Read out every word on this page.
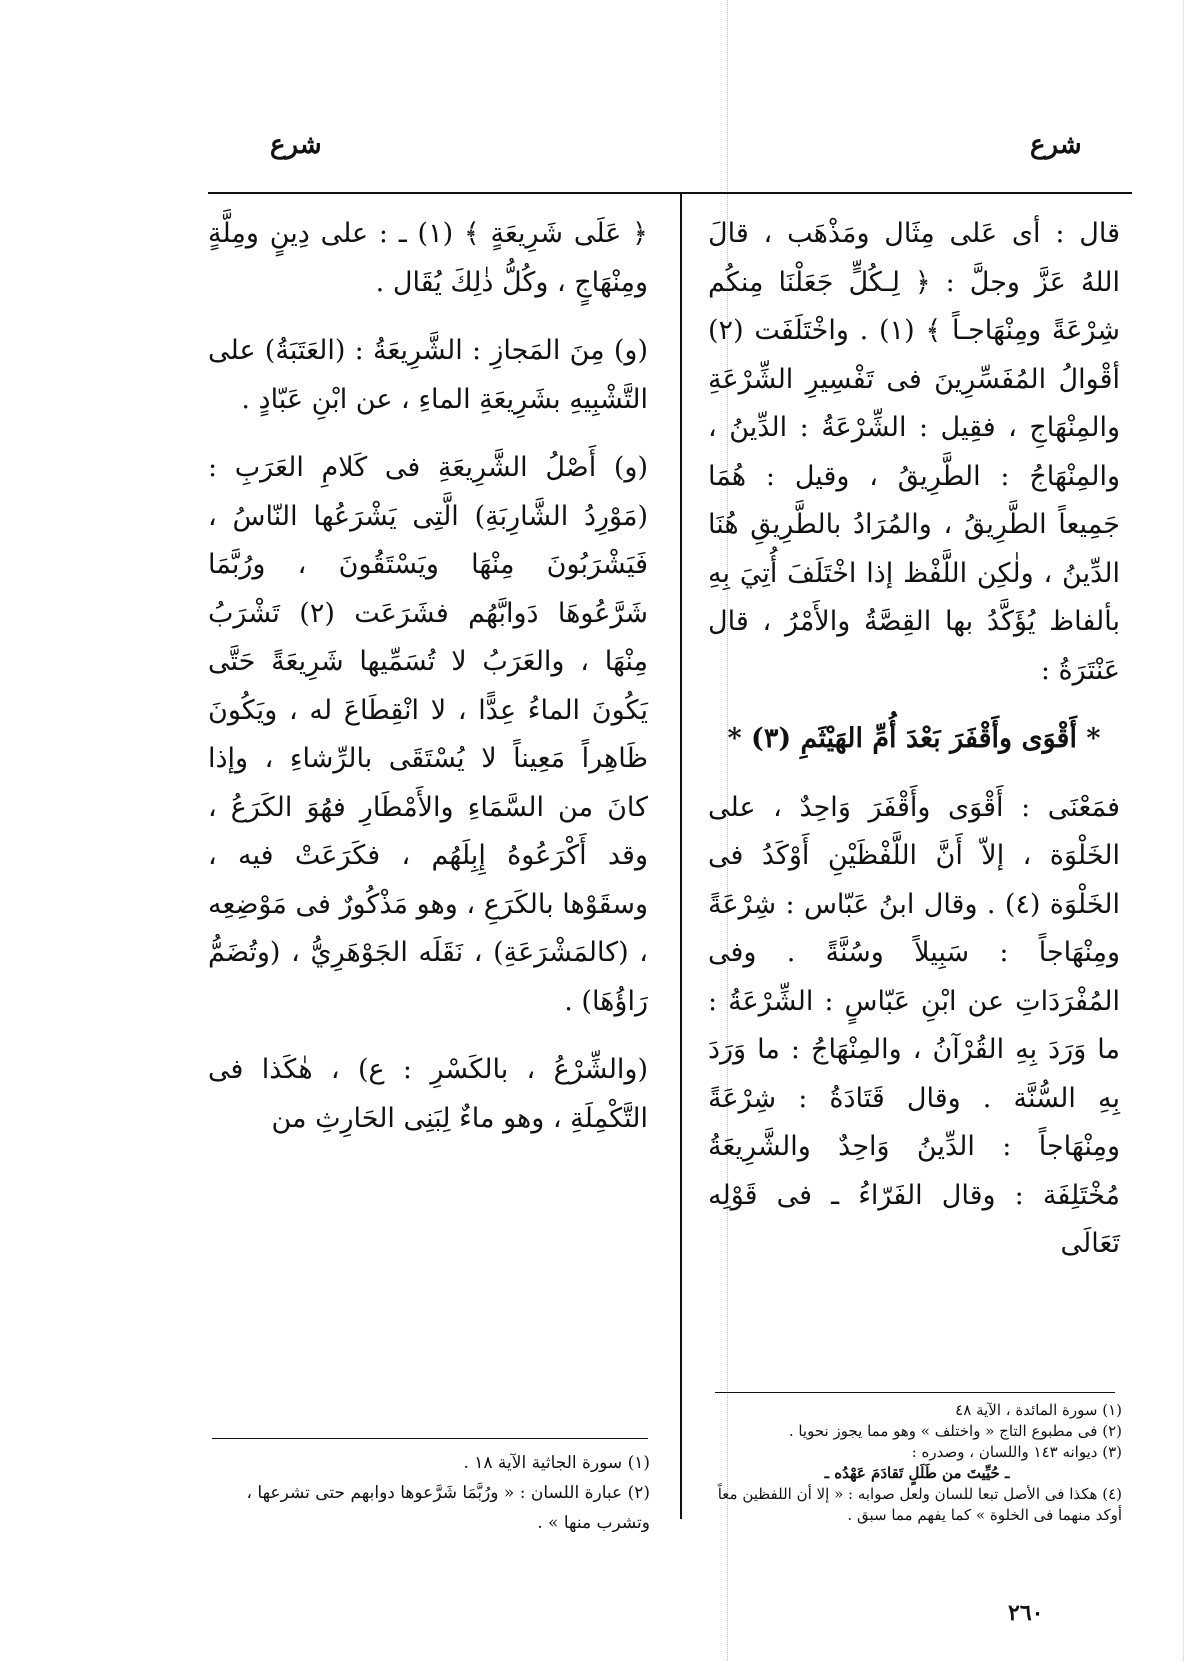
شرع
شرع

قال : أى عَلى مِثَال ومَذْهَب ، قالَ اللهُ عَزَّ وجلَّ : ﴿ لِـكُلٍّ جَعَلْنَا مِنكُم شِرْعَةً ومِنْهَاجـاً ﴾ (١) . واخْتَلَفَت (٢) أقْوالُ المُفَسِّرِينَ فى تَفْسِيرِ الشِّرْعَةِ والمِنْهَاجِ ، فقِيل : الشِّرْعَةُ : الدِّينُ ، والمِنْهَاجُ : الطَّرِيقُ ، وقيل : هُمَا جَمِيعاً الطَّرِيقُ ، والمُرَادُ بالطَّرِيقِ هُنَا الدِّينُ ، ولٰكِن اللَّفْظ إذا اخْتَلَفَ أُتِيَ بِهِ بألفاظ يُؤَكَّدُ بها القِصَّةُ والأَمْرُ ، قال عَنْتَرَةُ :

* أَقْوَى وأَقْفَرَ بَعْدَ أُمِّ الهَيْثَمِ (٣) *

فمَعْنَى : أَقْوَى وأَقْفَرَ وَاحِدٌ ، على الخَلْوَة ، إلاّ أَنَّ اللَّفْظَيْنِ أَوْكَدُ فى الخَلْوَة (٤) . وقال ابنُ عَبّاس : شِرْعَةً ومِنْهَاجاً : سَبِيلاً وسُنَّةً . وفى المُفْرَدَاتِ عن ابْنِ عَبّاسٍ : الشِّرْعَةُ : ما وَرَدَ بِهِ القُرْآنُ ، والمِنْهَاجُ : ما وَرَدَ بِهِ السُّنَّة . وقال قَتَادَةُ : شِرْعَةً ومِنْهَاجاً : الدِّينُ وَاحِدٌ والشَّرِيعَةُ مُخْتَلِفَة : وقال الفَرّاءُ ـ فى قَوْلِه تَعَالَى

﴿ عَلَى شَرِيعَةٍ ﴾ (١) ـ : على دِينٍ ومِلَّةٍ ومِنْهَاجٍ ، وكُلُّ ذٰلِكَ يُقَال .

(و) مِنَ المَجازِ : الشَّرِيعَةُ : (العَتَبَةُ) على التَّشْبِيهِ بشَرِيعَةِ الماءِ ، عن ابْنِ عَبّادٍ .

(و) أَصْلُ الشَّرِيعَةِ فى كَلامِ العَرَبِ : (مَوْرِدُ الشَّارِبَةِ) الَّتِى يَشْرَعُها النّاسُ ، فَيَشْرَبُونَ مِنْهَا ويَسْتَقُونَ ، ورُبَّمَا شَرَّعُوهَا دَوابَّهُم فشَرَعَت (٢) تَشْرَبُ مِنْهَا ، والعَرَبُ لا تُسَمِّيها شَرِيعَةً حَتَّى يَكُونَ الماءُ عِدًّا ، لا انْقِطَاعَ له ، ويَكُونَ ظَاهِراً مَعِيناً لا يُسْتَقَى بالرِّشاءِ ، وإذا كانَ من السَّمَاءِ والأَمْطَارِ فهُوَ الكَرَعُ ، وقد أَكْرَعُوهُ إِبِلَهُم ، فكَرَعَتْ فيه ، وسقَوْها بالكَرَعِ ، وهو مَذْكُورٌ فى مَوْضِعِه ، (كالمَشْرَعَةِ) ، نَقَلَه الجَوْهَرِيُّ ، (وتُضَمُّ رَاؤُهَا) .

(والشِّرْعُ ، بالكَسْرِ : ع) ، هٰكَذا فى التَّكْمِلَةِ ، وهو ماءٌ لِبَنِى الحَارِثِ من

(١) سورة المائدة ، الآية ٤٨

(٢) فى مطبوع التاج « واختلف » وهو مما يجوز نحويا .

(٣) ديوانه ١٤٣ واللسان ، وصدره :

ـ حُيِّيتَ من طَلَلٍ تَقادَمَ عَهْدُه ـ

(٤) هكذا فى الأصل تبعا للسان ولعل صوابه : « إلا أن اللفظين معاً أوكد منهما فى الخلوة » كما يفهم مما سبق .

(١) سورة الجاثية الآية ١٨ .

(٢) عبارة اللسان : « ورُبَّمَا شَرَّعوها دوابهم حتى تشرعها ، وتشرب منها » .

٢٦٠
